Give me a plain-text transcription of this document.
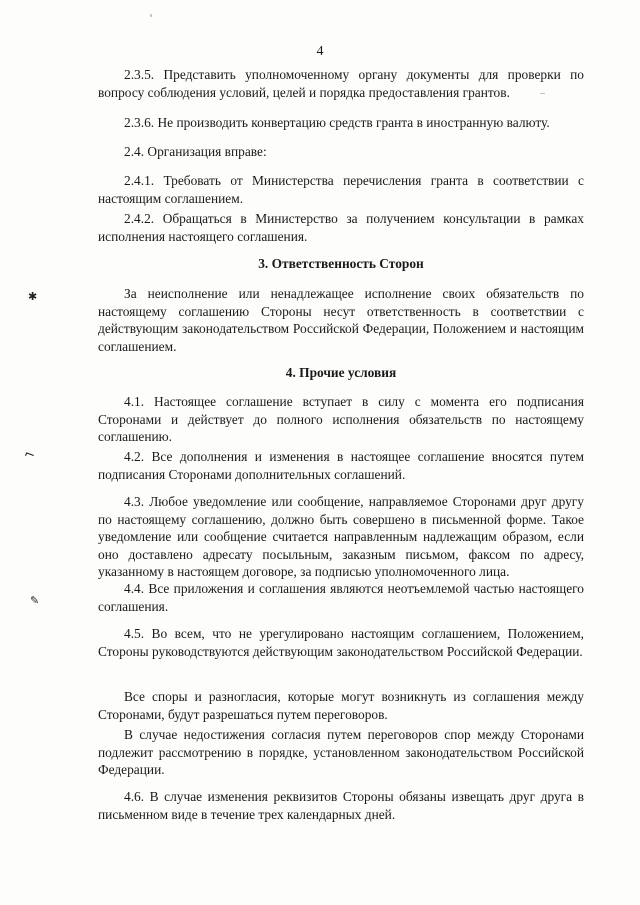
4
✱
⌐
✎

2.3.5. Представить уполномоченному органу документы для проверки по вопросу соблюдения условий, целей и порядка предоставления грантов.

2.3.6. Не производить конвертацию средств гранта в иностранную валюту.

2.4. Организация вправе:

2.4.1. Требовать от Министерства перечисления гранта в соответствии с настоящим соглашением.

2.4.2. Обращаться в Министерство за получением консультации в рамках исполнения настоящего соглашения.

3. Ответственность Сторон

За неисполнение или ненадлежащее исполнение своих обязательств по настоящему соглашению Стороны несут ответственность в соответствии с действующим законодательством Российской Федерации, Положением и настоящим соглашением.

4. Прочие условия

4.1. Настоящее соглашение вступает в силу с момента его подписания Сторонами и действует до полного исполнения обязательств по настоящему соглашению.

4.2. Все дополнения и изменения в настоящее соглашение вносятся путем подписания Сторонами дополнительных соглашений.

4.3. Любое уведомление или сообщение, направляемое Сторонами друг другу по настоящему соглашению, должно быть совершено в письменной форме. Такое уведомление или сообщение считается направленным надлежащим образом, если оно доставлено адресату посыльным, заказным письмом, факсом по адресу, указанному в настоящем договоре, за подписью уполномоченного лица.

4.4. Все приложения и соглашения являются неотъемлемой частью настоящего соглашения.

4.5. Во всем, что не урегулировано настоящим соглашением, Положением, Стороны руководствуются действующим законодательством Российской Федерации.

Все споры и разногласия, которые могут возникнуть из соглашения между Сторонами, будут разрешаться путем переговоров.

В случае недостижения согласия путем переговоров спор между Сторонами подлежит рассмотрению в порядке, установленном законодательством Российской Федерации.

4.6. В случае изменения реквизитов Стороны обязаны извещать друг друга в письменном виде в течение трех календарных дней.
